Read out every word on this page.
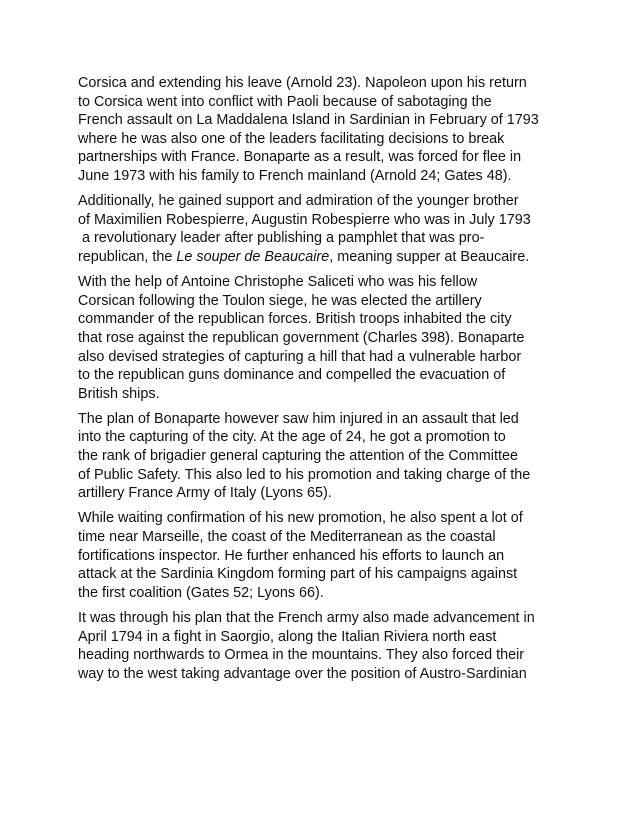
Corsica and extending his leave (Arnold 23). Napoleon upon his return
to Corsica went into conflict with Paoli because of sabotaging the
French assault on La Maddalena Island in Sardinian in February of 1793
where he was also one of the leaders facilitating decisions to break
partnerships with France. Bonaparte as a result, was forced for flee in
June 1973 with his family to French mainland (Arnold 24; Gates 48).

Additionally, he gained support and admiration of the younger brother
of Maximilien Robespierre, Augustin Robespierre who was in July 1793
a revolutionary leader after publishing a pamphlet that was pro-
republican, the Le souper de Beaucaire, meaning supper at Beaucaire.

With the help of Antoine Christophe Saliceti who was his fellow
Corsican following the Toulon siege, he was elected the artillery
commander of the republican forces. British troops inhabited the city
that rose against the republican government (Charles 398). Bonaparte
also devised strategies of capturing a hill that had a vulnerable harbor
to the republican guns dominance and compelled the evacuation of
British ships.

The plan of Bonaparte however saw him injured in an assault that led
into the capturing of the city. At the age of 24, he got a promotion to
the rank of brigadier general capturing the attention of the Committee
of Public Safety. This also led to his promotion and taking charge of the
artillery France Army of Italy (Lyons 65).

While waiting confirmation of his new promotion, he also spent a lot of
time near Marseille, the coast of the Mediterranean as the coastal
fortifications inspector. He further enhanced his efforts to launch an
attack at the Sardinia Kingdom forming part of his campaigns against
the first coalition (Gates 52; Lyons 66).

It was through his plan that the French army also made advancement in
April 1794 in a fight in Saorgio, along the Italian Riviera north east
heading northwards to Ormea in the mountains. They also forced their
way to the west taking advantage over the position of Austro-Sardinian
